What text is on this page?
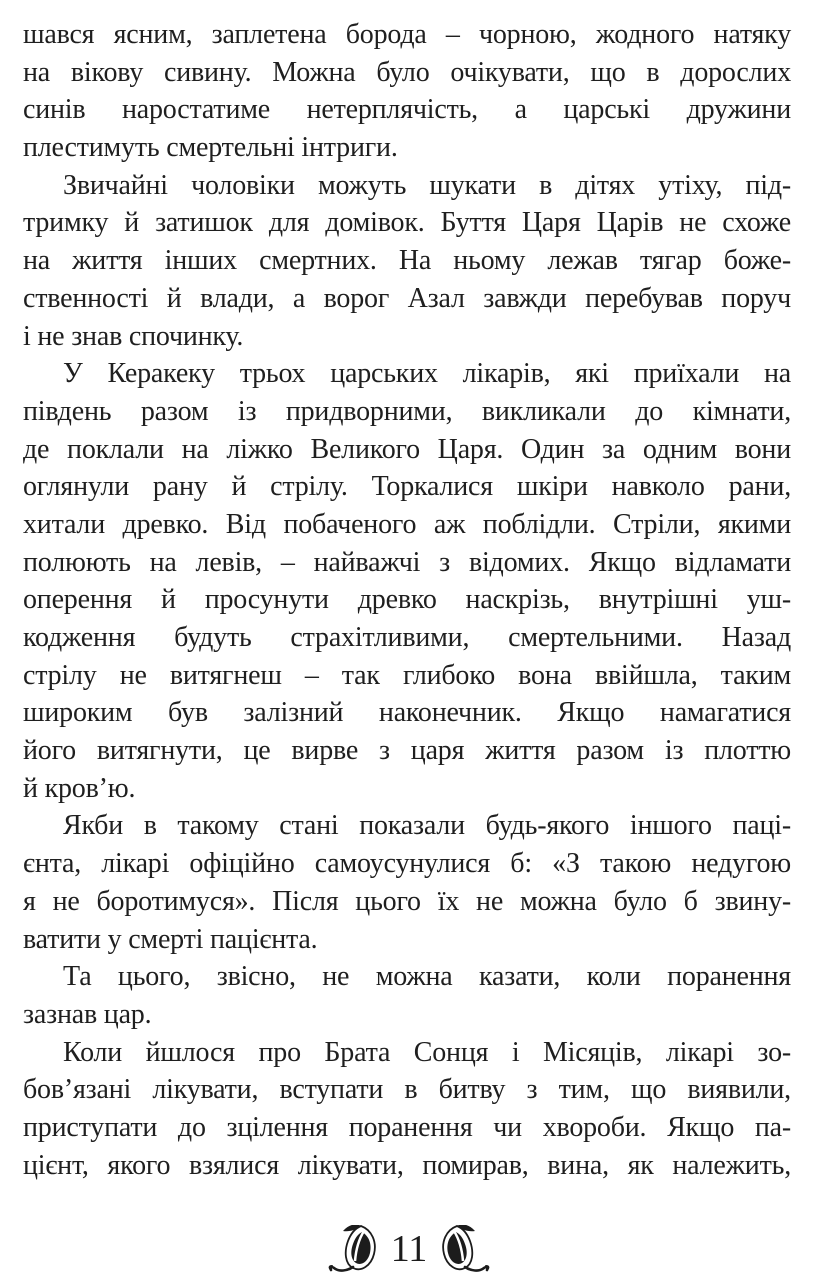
шався ясним, заплетена борода – чорною, жодного натяку
на вікову сивину. Можна було очікувати, що в дорослих
синів наростатиме нетерплячість, а царські дружини
плестимуть смертельні інтриги.

Звичайні чоловіки можуть шукати в дітях утіху, під-
тримку й затишок для домівок. Буття Царя Царів не схоже
на життя інших смертних. На ньому лежав тягар боже-
ственності й влади, а ворог Азал завжди перебував поруч
і не знав спочинку.

У Керакеку трьох царських лікарів, які приїхали на
південь разом із придворними, викликали до кімнати,
де поклали на ліжко Великого Царя. Один за одним вони
оглянули рану й стрілу. Торкалися шкіри навколо рани,
хитали древко. Від побаченого аж поблідли. Стріли, якими
полюють на левів, – найважчі з відомих. Якщо відламати
оперення й просунути древко наскрізь, внутрішні уш-
кодження будуть страхітливими, смертельними. Назад
стрілу не витягнеш – так глибоко вона ввійшла, таким
широким був залізний наконечник. Якщо намагатися
його витягнути, це вирве з царя життя разом із плоттю
й кров’ю.

Якби в такому стані показали будь-якого іншого паці-
єнта, лікарі офіційно самоусунулися б: «З такою недугою
я не боротимуся». Після цього їх не можна було б звину-
ватити у смерті пацієнта.

Та цього, звісно, не можна казати, коли поранення
зазнав цар.

Коли йшлося про Брата Сонця і Місяців, лікарі зо-
бов’язані лікувати, вступати в битву з тим, що виявили,
приступати до зцілення поранення чи хвороби. Якщо па-
цієнт, якого взялися лікувати, помирав, вина, як належить,

11
